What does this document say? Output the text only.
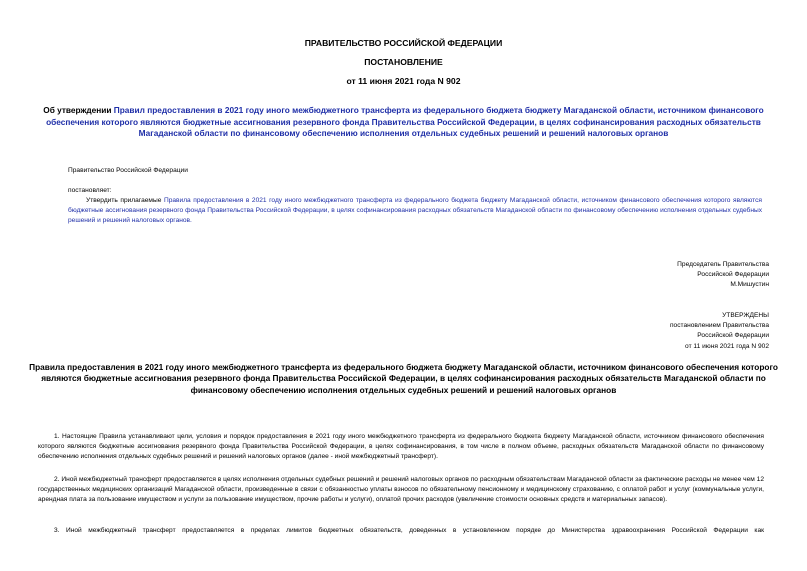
ПРАВИТЕЛЬСТВО РОССИЙСКОЙ ФЕДЕРАЦИИ
ПОСТАНОВЛЕНИЕ
от 11 июня 2021 года N 902
Об утверждении Правил предоставления в 2021 году иного межбюджетного трансферта из федерального бюджета бюджету Магаданской области, источником финансового обеспечения которого являются бюджетные ассигнования резервного фонда Правительства Российской Федерации, в целях софинансирования расходных обязательств Магаданской области по финансовому обеспечению исполнения отдельных судебных решений и решений налоговых органов
Правительство Российской Федерации
постановляет:
Утвердить прилагаемые Правила предоставления в 2021 году иного межбюджетного трансферта из федерального бюджета бюджету Магаданской области, источником финансового обеспечения которого являются бюджетные ассигнования резервного фонда Правительства Российской Федерации, в целях софинансирования расходных обязательств Магаданской области по финансовому обеспечению исполнения отдельных судебных решений и решений налоговых органов.
Председатель Правительства
Российской Федерации
М.Мишустин
УТВЕРЖДЕНЫ
постановлением Правительства
Российской Федерации
от 11 июня 2021 года N 902
Правила предоставления в 2021 году иного межбюджетного трансферта из федерального бюджета бюджету Магаданской области, источником финансового обеспечения которого являются бюджетные ассигнования резервного фонда Правительства Российской Федерации, в целях софинансирования расходных обязательств Магаданской области по финансовому обеспечению исполнения отдельных судебных решений и решений налоговых органов
1. Настоящие Правила устанавливают цели, условия и порядок предоставления в 2021 году иного межбюджетного трансферта из федерального бюджета бюджету Магаданской области, источником финансового обеспечения которого являются бюджетные ассигнования резервного фонда Правительства Российской Федерации, в целях софинансирования, в том числе в полном объеме, расходных обязательств Магаданской области по финансовому обеспечению исполнения отдельных судебных решений и решений налоговых органов (далее - иной межбюджетный трансферт).
2. Иной межбюджетный трансферт предоставляется в целях исполнения отдельных судебных решений и решений налоговых органов по расходным обязательствам Магаданской области за фактические расходы не менее чем 12 государственных медицинских организаций Магаданской области, произведенные в связи с обязанностью уплаты взносов по обязательному пенсионному и медицинскому страхованию, с оплатой работ и услуг (коммунальные услуги, арендная плата за пользование имуществом и услуги за пользование имуществом, прочие работы и услуги), оплатой прочих расходов (увеличение стоимости основных средств и материальных запасов).
3. Иной межбюджетный трансферт предоставляется в пределах лимитов бюджетных обязательств, доведенных в установленном порядке до Министерства здравоохранения Российской Федерации как
